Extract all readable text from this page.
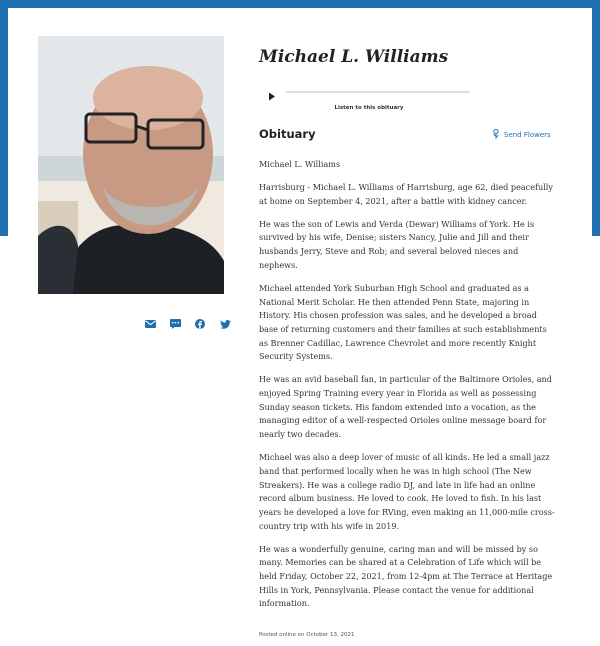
Michael L. Williams
Listen to this obituary
Obituary	Send Flowers

Michael L. Williams

Harrisburg - Michael L. Williams of Harrisburg, age 62, died peacefully at home on September 4, 2021, after a battle with kidney cancer.

He was the son of Lewis and Verda (Dewar) Williams of York. He is survived by his wife, Denise; sisters Nancy, Julie and Jill and their husbands Jerry, Steve and Rob; and several beloved nieces and nephews.

Michael attended York Suburban High School and graduated as a National Merit Scholar. He then attended Penn State, majoring in History. His chosen profession was sales, and he developed a broad base of returning customers and their families at such establishments as Brenner Cadillac, Lawrence Chevrolet and more recently Knight Security Systems.

He was an avid baseball fan, in particular of the Baltimore Orioles, and enjoyed Spring Training every year in Florida as well as possessing Sunday season tickets. His fandom extended into a vocation, as the managing editor of a well-respected Orioles online message board for nearly two decades.

Michael was also a deep lover of music of all kinds. He led a small jazz band that performed locally when he was in high school (The New Streakers). He was a college radio DJ, and late in life had an online record album business. He loved to cook. He loved to fish. In his last years he developed a love for RVing, even making an 11,000-mile cross-country trip with his wife in 2019.

He was a wonderfully genuine, caring man and will be missed by so many. Memories can be shared at a Celebration of Life which will be held Friday, October 22, 2021, from 12-4pm at The Terrace at Heritage Hills in York, Pennsylvania. Please contact the venue for additional information.

Posted online on October 13, 2021
